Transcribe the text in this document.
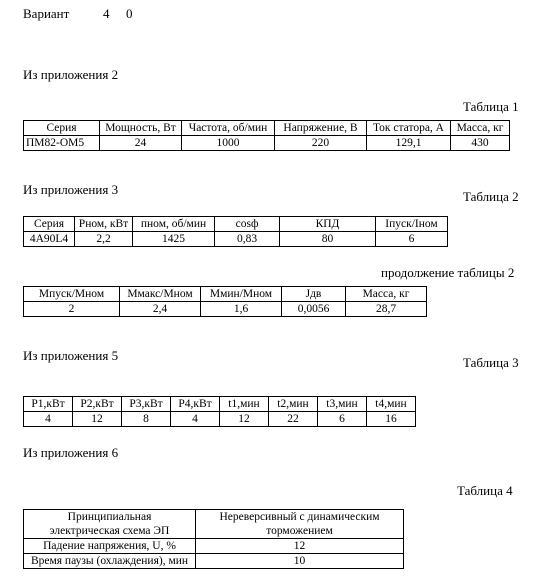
Вариант	4 0
Из приложения 2
Таблица 1
Серия	Мощность, Вт	Частота, об/мин	Напряжение, В	Ток статора, А	Масса, кг
ПМ82-ОМ5	24	1000	220	129,1	430
Из приложения 3	Таблица 2
Серия	Рном, кВт	пном, об/мин	cosф	КПД	Iпуск/Iном
4А90L4	2,2	1425	0,83	80	6
продолжение таблицы 2
Мпуск/Мном	Ммакс/Мном	Ммин/Мном	Jдв	Масса, кг
2	2,4	1,6	0,0056	28,7
Из приложения 5	Таблица 3
P1,кВт	P2,кВт	P3,кВт	P4,кВт	t1,мин	t2,мин	t3,мин	t4,мин
4	12	8	4	12	22	6	16
Из приложения 6
Таблица 4
Принципиальная электрическая схема ЭП	Нереверсивный с динамическим торможением
Падение напряжения, U, %	12
Время паузы (охлаждения), мин	10
